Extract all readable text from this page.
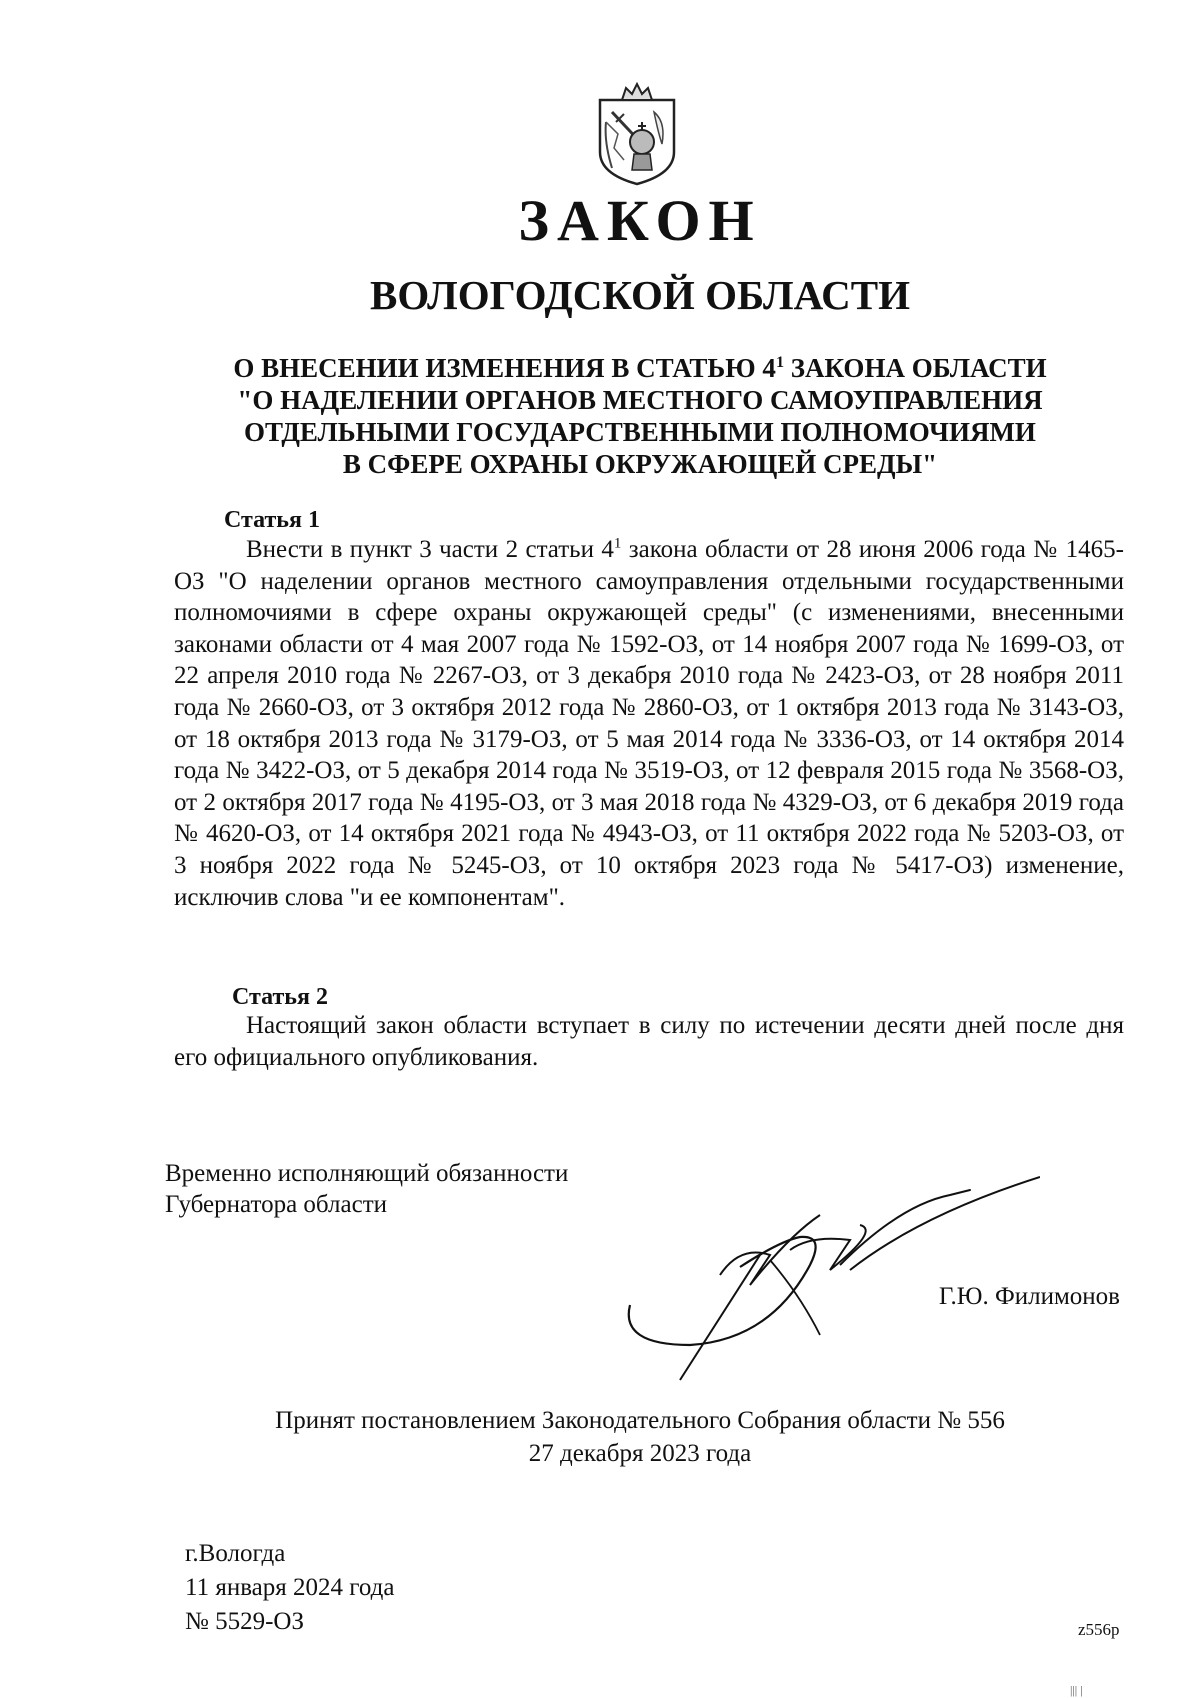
ЗАКОН
ВОЛОГОДСКОЙ ОБЛАСТИ
О ВНЕСЕНИИ ИЗМЕНЕНИЯ В СТАТЬЮ $4^1$ ЗАКОНА ОБЛАСТИ
"О НАДЕЛЕНИИ ОРГАНОВ МЕСТНОГО САМОУПРАВЛЕНИЯ
ОТДЕЛЬНЫМИ ГОСУДАРСТВЕННЫМИ ПОЛНОМОЧИЯМИ
В СФЕРЕ ОХРАНЫ ОКРУЖАЮЩЕЙ СРЕДЫ"
Статья 1
Внести в пункт 3 части 2 статьи $4^1$ закона области от 28 июня 2006 года № 1465-ОЗ "О наделении органов местного самоуправления отдельными государственными полномочиями в сфере охраны окружающей среды" (с изменениями, внесенными законами области от 4 мая 2007 года № 1592-ОЗ, от 14 ноября 2007 года № 1699-ОЗ, от 22 апреля 2010 года № 2267-ОЗ, от 3 декабря 2010 года № 2423-ОЗ, от 28 ноября 2011 года № 2660-ОЗ, от 3 октября 2012 года № 2860-ОЗ, от 1 октября 2013 года № 3143-ОЗ, от 18 октября 2013 года № 3179-ОЗ, от 5 мая 2014 года № 3336-ОЗ, от 14 октября 2014 года № 3422-ОЗ, от 5 декабря 2014 года № 3519-ОЗ, от 12 февраля 2015 года № 3568-ОЗ, от 2 октября 2017 года № 4195-ОЗ, от 3 мая 2018 года № 4329-ОЗ, от 6 декабря 2019 года № 4620-ОЗ, от 14 октября 2021 года № 4943-ОЗ, от 11 октября 2022 года № 5203-ОЗ, от 3 ноября 2022 года № 5245-ОЗ, от 10 октября 2023 года № 5417-ОЗ) изменение, исключив слова "и ее компонентам".
Статья 2
Настоящий закон области вступает в силу по истечении десяти дней после дня его официального опубликования.
Временно исполняющий обязанности
Губернатора области
Г.Ю. Филимонов
Принят постановлением Законодательного Собрания области № 556
27 декабря 2023 года
г.Вологда
11 января 2024 года
№ 5529-ОЗ	z556р
||| |
